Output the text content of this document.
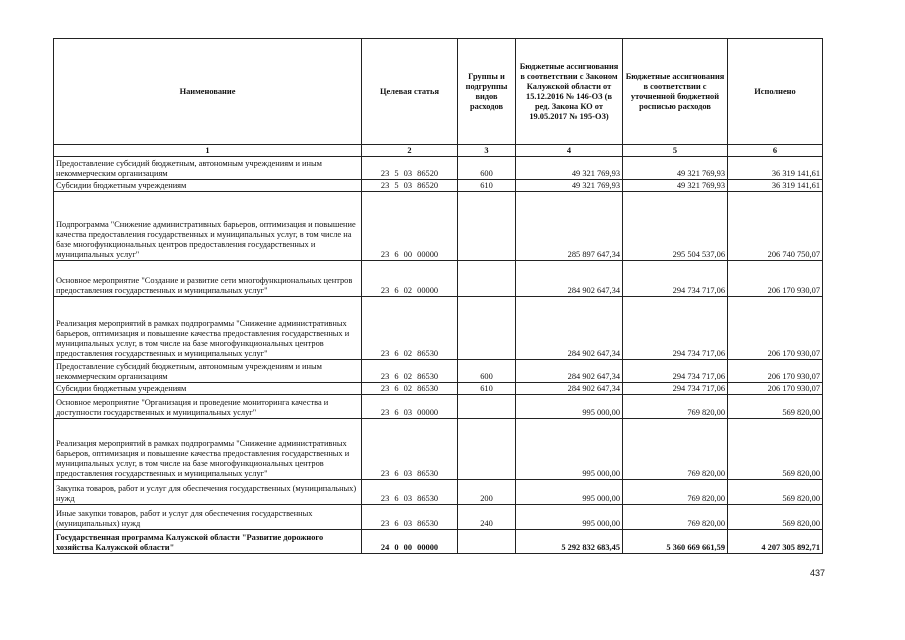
Наименование	Целевая статья	Группы и подгруппы видов расходов	Бюджетные ассигнования в соответствии с Законом Калужской области от 15.12.2016 № 146-ОЗ (в ред. Закона КО от 19.05.2017 № 195-ОЗ)	Бюджетные ассигнования в соответствии с уточненной бюджетной росписью расходов	Исполнено
1	2	3	4	5	6
Предоставление субсидий бюджетным, автономным учреждениям и иным некоммерческим организациям	23 5 03 86520	600	49 321 769,93	49 321 769,93	36 319 141,61
Субсидии бюджетным учреждениям	23 5 03 86520	610	49 321 769,93	49 321 769,93	36 319 141,61
Подпрограмма "Снижение административных барьеров, оптимизация и повышение качества предоставления государственных и муниципальных услуг, в том числе на базе многофункциональных центров предоставления государственных и муниципальных услуг"	23 6 00 00000		285 897 647,34	295 504 537,06	206 740 750,07
Основное мероприятие "Создание и развитие сети многофункциональных центров предоставления государственных и муниципальных услуг"	23 6 02 00000		284 902 647,34	294 734 717,06	206 170 930,07
Реализация мероприятий в рамках подпрограммы "Снижение административных барьеров, оптимизация и повышение качества предоставления государственных и муниципальных услуг, в том числе на базе многофункциональных центров предоставления государственных и муниципальных услуг"	23 6 02 86530		284 902 647,34	294 734 717,06	206 170 930,07
Предоставление субсидий бюджетным, автономным учреждениям и иным некоммерческим организациям	23 6 02 86530	600	284 902 647,34	294 734 717,06	206 170 930,07
Субсидии бюджетным учреждениям	23 6 02 86530	610	284 902 647,34	294 734 717,06	206 170 930,07
Основное мероприятие "Организация и проведение мониторинга качества и доступности государственных и муниципальных услуг"	23 6 03 00000		995 000,00	769 820,00	569 820,00
Реализация мероприятий в рамках подпрограммы "Снижение административных барьеров, оптимизация и повышение качества предоставления государственных и муниципальных услуг, в том числе на базе многофункциональных центров предоставления государственных и муниципальных услуг"	23 6 03 86530		995 000,00	769 820,00	569 820,00
Закупка товаров, работ и услуг для обеспечения государственных (муниципальных) нужд	23 6 03 86530	200	995 000,00	769 820,00	569 820,00
Иные закупки товаров, работ и услуг для обеспечения государственных (муниципальных) нужд	23 6 03 86530	240	995 000,00	769 820,00	569 820,00
Государственная программа Калужской области "Развитие дорожного хозяйства Калужской области"	24 0 00 00000		5 292 832 683,45	5 360 669 661,59	4 207 305 892,71
437
